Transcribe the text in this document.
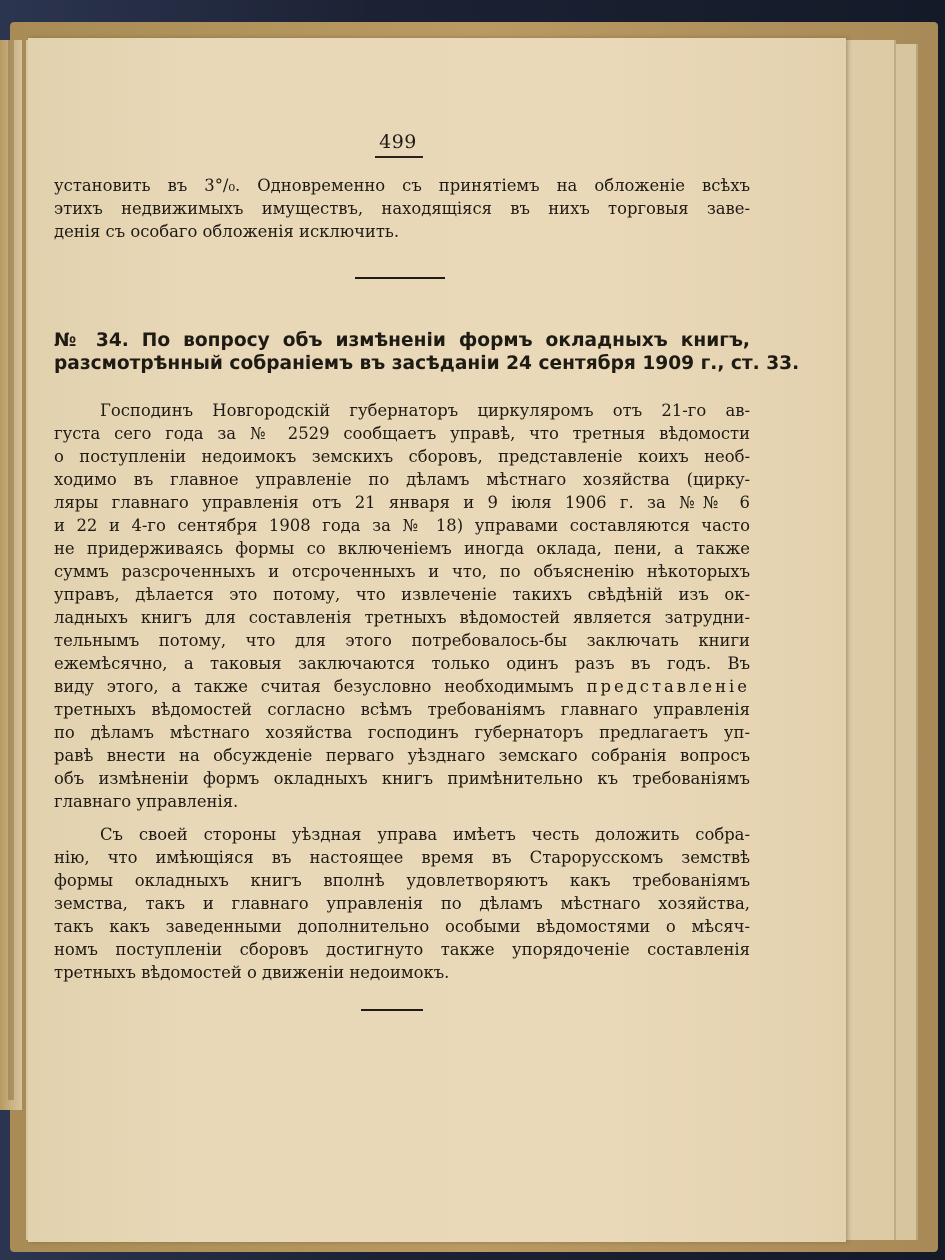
499
установить въ 3°/₀. Одновременно съ принятіемъ на обложеніе всѣхъ
этихъ недвижимыхъ имуществъ, находящіяся въ нихъ торговыя заве-
денія съ особаго обложенія исключить.
№ 34. По вопросу объ измѣненіи формъ окладныхъ книгъ,
разсмотрѣнный собраніемъ въ засѣданіи 24 сентября 1909 г., ст. 33.
Господинъ Новгородскій губернаторъ циркуляромъ отъ 21-го ав-
густа сего года за № 2529 сообщаетъ управѣ, что третныя вѣдомости
о поступленіи недоимокъ земскихъ сборовъ, представленіе коихъ необ-
ходимо въ главное управленіе по дѣламъ мѣстнаго хозяйства (циркy-
ляры главнаго управленія отъ 21 января и 9 іюля 1906 г. за №№ 6
и 22 и 4-го сентября 1908 года за № 18) управами составляются часто
не придерживаясь формы со включеніемъ иногда оклада, пени, а также
суммъ разсроченныхъ и отсроченныхъ и что, по объясненію нѣкоторыхъ
управъ, дѣлается это потому, что извлеченіе такихъ свѣдѣній изъ ок-
ладныхъ книгъ для составленія третныхъ вѣдомостей является затрудни-
тельнымъ потому, что для этого потребовалось-бы заключать книги
ежемѣсячно, а таковыя заключаются только одинъ разъ въ годъ. Въ
виду этого, а также считая безусловно необходимымъ представленіе
третныхъ вѣдомостей согласно всѣмъ требованіямъ главнаго управленія
по дѣламъ мѣстнаго хозяйства господинъ губернаторъ предлагаетъ уп-
равѣ внести на обсужденіе перваго уѣзднаго земскаго собранія вопросъ
объ измѣненіи формъ окладныхъ книгъ примѣнительно къ требованіямъ
главнаго управленія.
Съ своей стороны уѣздная управа имѣетъ честь доложить собра-
нію, что имѣющіяся въ настоящее время въ Старорусскомъ земствѣ
формы окладныхъ книгъ вполнѣ удовлетворяютъ какъ требованіямъ
земства, такъ и главнаго управленія по дѣламъ мѣстнаго хозяйства,
такъ какъ заведенными дополнительно особыми вѣдомостями о мѣсяч-
номъ поступленіи сборовъ достигнуто также упорядоченіе составленія
третныхъ вѣдомостей о движеніи недоимокъ.
